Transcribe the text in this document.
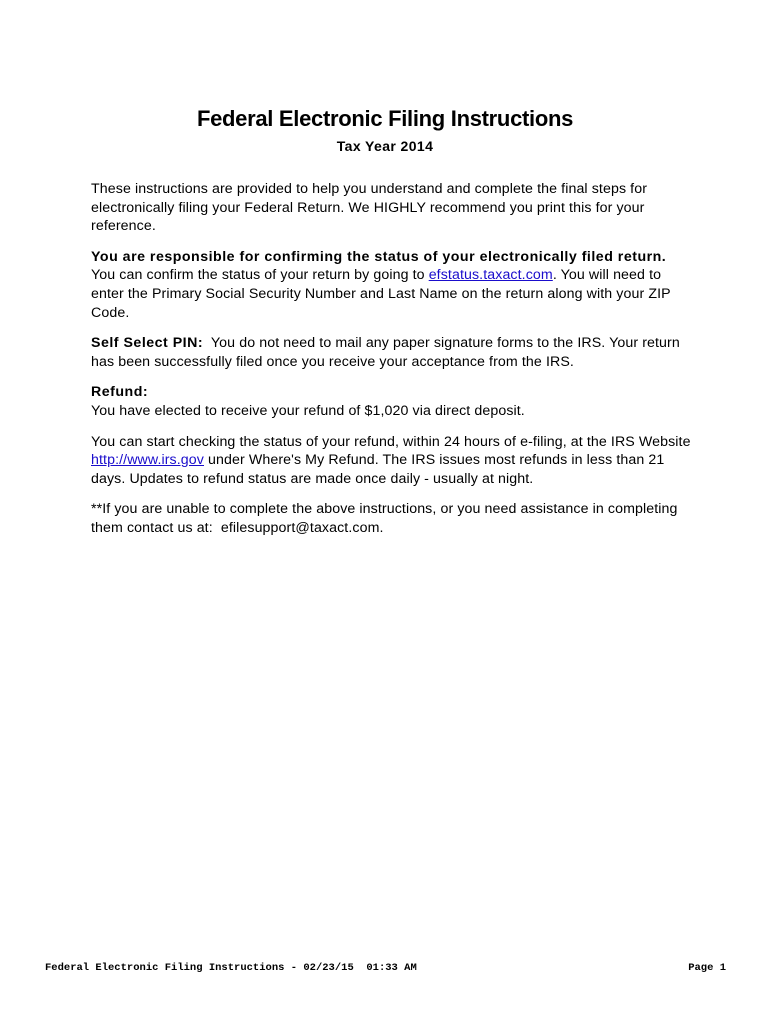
Federal Electronic Filing Instructions
Tax Year 2014

These instructions are provided to help you understand and complete the final steps for electronically filing your Federal Return. We HIGHLY recommend you print this for your reference.

You are responsible for confirming the status of your electronically filed return. You can confirm the status of your return by going to efstatus.taxact.com. You will need to enter the Primary Social Security Number and Last Name on the return along with your ZIP Code.

Self Select PIN:  You do not need to mail any paper signature forms to the IRS. Your return has been successfully filed once you receive your acceptance from the IRS.

Refund:
You have elected to receive your refund of $1,020 via direct deposit.

You can start checking the status of your refund, within 24 hours of e-filing, at the IRS Website http://www.irs.gov under Where's My Refund. The IRS issues most refunds in less than 21 days. Updates to refund status are made once daily - usually at night.

**If you are unable to complete the above instructions, or you need assistance in completing them contact us at:  efilesupport@taxact.com.

Federal Electronic Filing Instructions - 02/23/15  01:33 AM	Page 1
